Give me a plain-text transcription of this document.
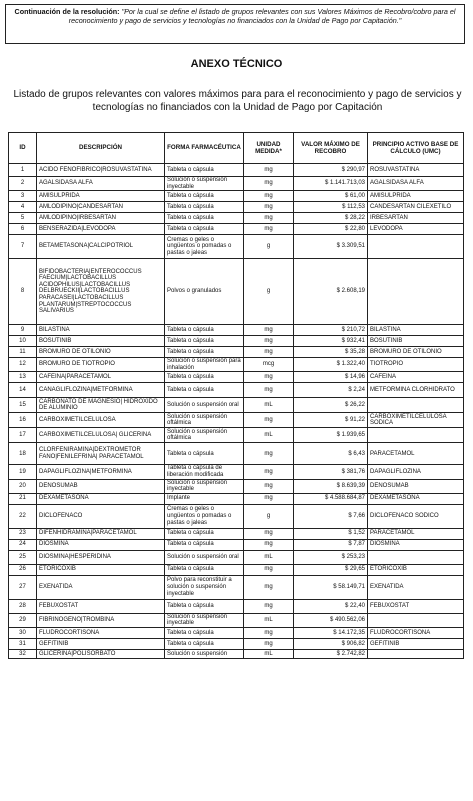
Continuación de la resolución: "Por la cual se define el listado de grupos relevantes con sus Valores Máximos de Recobro/cobro para el reconocimiento y pago de servicios y tecnologías no financiados con la Unidad de Pago por Capitación."
ANEXO TÉCNICO
Listado de grupos relevantes con valores máximos para para el reconocimiento y pago de servicios y tecnologías no financiados con la Unidad de Pago por Capitación
ID	DESCRIPCIÓN	FORMA FARMACÉUTICA	UNIDAD MEDIDA*	VALOR MÁXIMO DE RECOBRO	PRINCIPIO ACTIVO BASE DE CÁLCULO (UMC)
1	ACIDO FENOFIBRICO|ROSUVASTATINA	Tableta o cápsula	mg	$ 290,97	ROSUVASTATINA
2	AGALSIDASA ALFA	Solución o suspensión inyectable	mg	$ 1.141.713,03	AGALSIDASA ALFA
3	AMISULPRIDA	Tableta o cápsula	mg	$ 61,00	AMISULPRIDA
4	AMLODIPINO|CANDESARTAN	Tableta o cápsula	mg	$ 112,53	CANDESARTAN CILEXETILO
5	AMLODIPINO|IRBESARTAN	Tableta o cápsula	mg	$ 28,22	IRBESARTAN
6	BENSERAZIDA|LEVODOPA	Tableta o cápsula	mg	$ 22,80	LEVODOPA
7	BETAMETASONA|CALCIPOTRIOL	Cremas o geles o ungüentos o pomadas o pastas o jaleas	g	$ 3.309,51	
8	BIFIDOBACTERIA|ENTEROCOCCUS FAECIUM|LACTOBACILLUS ACIDOPHILUS|LACTOBACILLUS DELBRUECKII|LACTOBACILLUS PARACASEI|LACTOBACILLUS PLANTARUM|STREPTOCOCCUS SALIVARIUS	Polvos o granulados	g	$ 2.608,19	
9	BILASTINA	Tableta o cápsula	mg	$ 210,72	BILASTINA
10	BOSUTINIB	Tableta o cápsula	mg	$ 932,41	BOSUTINIB
11	BROMURO DE OTILONIO	Tableta o cápsula	mg	$ 35,28	BROMURO DE OTILONIO
12	BROMURO DE TIOTROPIO	Solución o suspensión para inhalación	mcg	$ 1.322,40	TIOTROPIO
13	CAFEINA|PARACETAMOL	Tableta o cápsula	mg	$ 14,96	CAFEINA
14	CANAGLIFLOZINA|METFORMINA	Tableta o cápsula	mg	$ 2,24	METFORMINA CLORHIDRATO
15	CARBONATO DE MAGNESIO| HIDROXIDO DE ALUMINIO	Solución o suspensión oral	mL	$ 26,22	
16	CARBOXIMETILCELULOSA	Solución o suspensión oftálmica	mg	$ 91,22	CARBOXIMETILCELULOSA SODICA
17	CARBOXIMETILCELULOSA| GLICERINA	Solución o suspensión oftálmica	mL	$ 1.939,65	
18	CLORFENIRAMINA|DEXTROMETOR FANO|FENILEFRINA| PARACETAMOL	Tableta o cápsula	mg	$ 6,43	PARACETAMOL
19	DAPAGLIFLOZINA|METFORMINA	Tableta o cápsula de liberación modificada	mg	$ 381,76	DAPAGLIFLOZINA
20	DENOSUMAB	Solución o suspensión inyectable	mg	$ 8.639,39	DENOSUMAB
21	DEXAMETASONA	Implante	mg	$ 4.588.684,87	DEXAMETASONA
22	DICLOFENACO	Cremas o geles o ungüentos o pomadas o pastas o jaleas	g	$ 7,66	DICLOFENACO SODICO
23	DIFENHIDRAMINA|PARACETAMOL	Tableta o cápsula	mg	$ 1,52	PARACETAMOL
24	DIOSMINA	Tableta o cápsula	mg	$ 7,87	DIOSMINA
25	DIOSMINA|HESPERIDINA	Solución o suspensión oral	mL	$ 253,23	
26	ETORICOXIB	Tableta o cápsula	mg	$ 29,65	ETORICOXIB
27	EXENATIDA	Polvo para reconstituir a solución o suspensión inyectable	mg	$ 58.149,71	EXENATIDA
28	FEBUXOSTAT	Tableta o cápsula	mg	$ 22,40	FEBUXOSTAT
29	FIBRINOGENO|TROMBINA	Solución o suspensión inyectable	mL	$ 490.562,06	
30	FLUDROCORTISONA	Tableta o cápsula	mg	$ 14.172,35	FLUDROCORTISONA
31	GEFITINIB	Tableta o cápsula	mg	$ 906,82	GEFITINIB
32	GLICERINA|POLISORBATO	Solución o suspensión	mL	$ 2.742,82	
